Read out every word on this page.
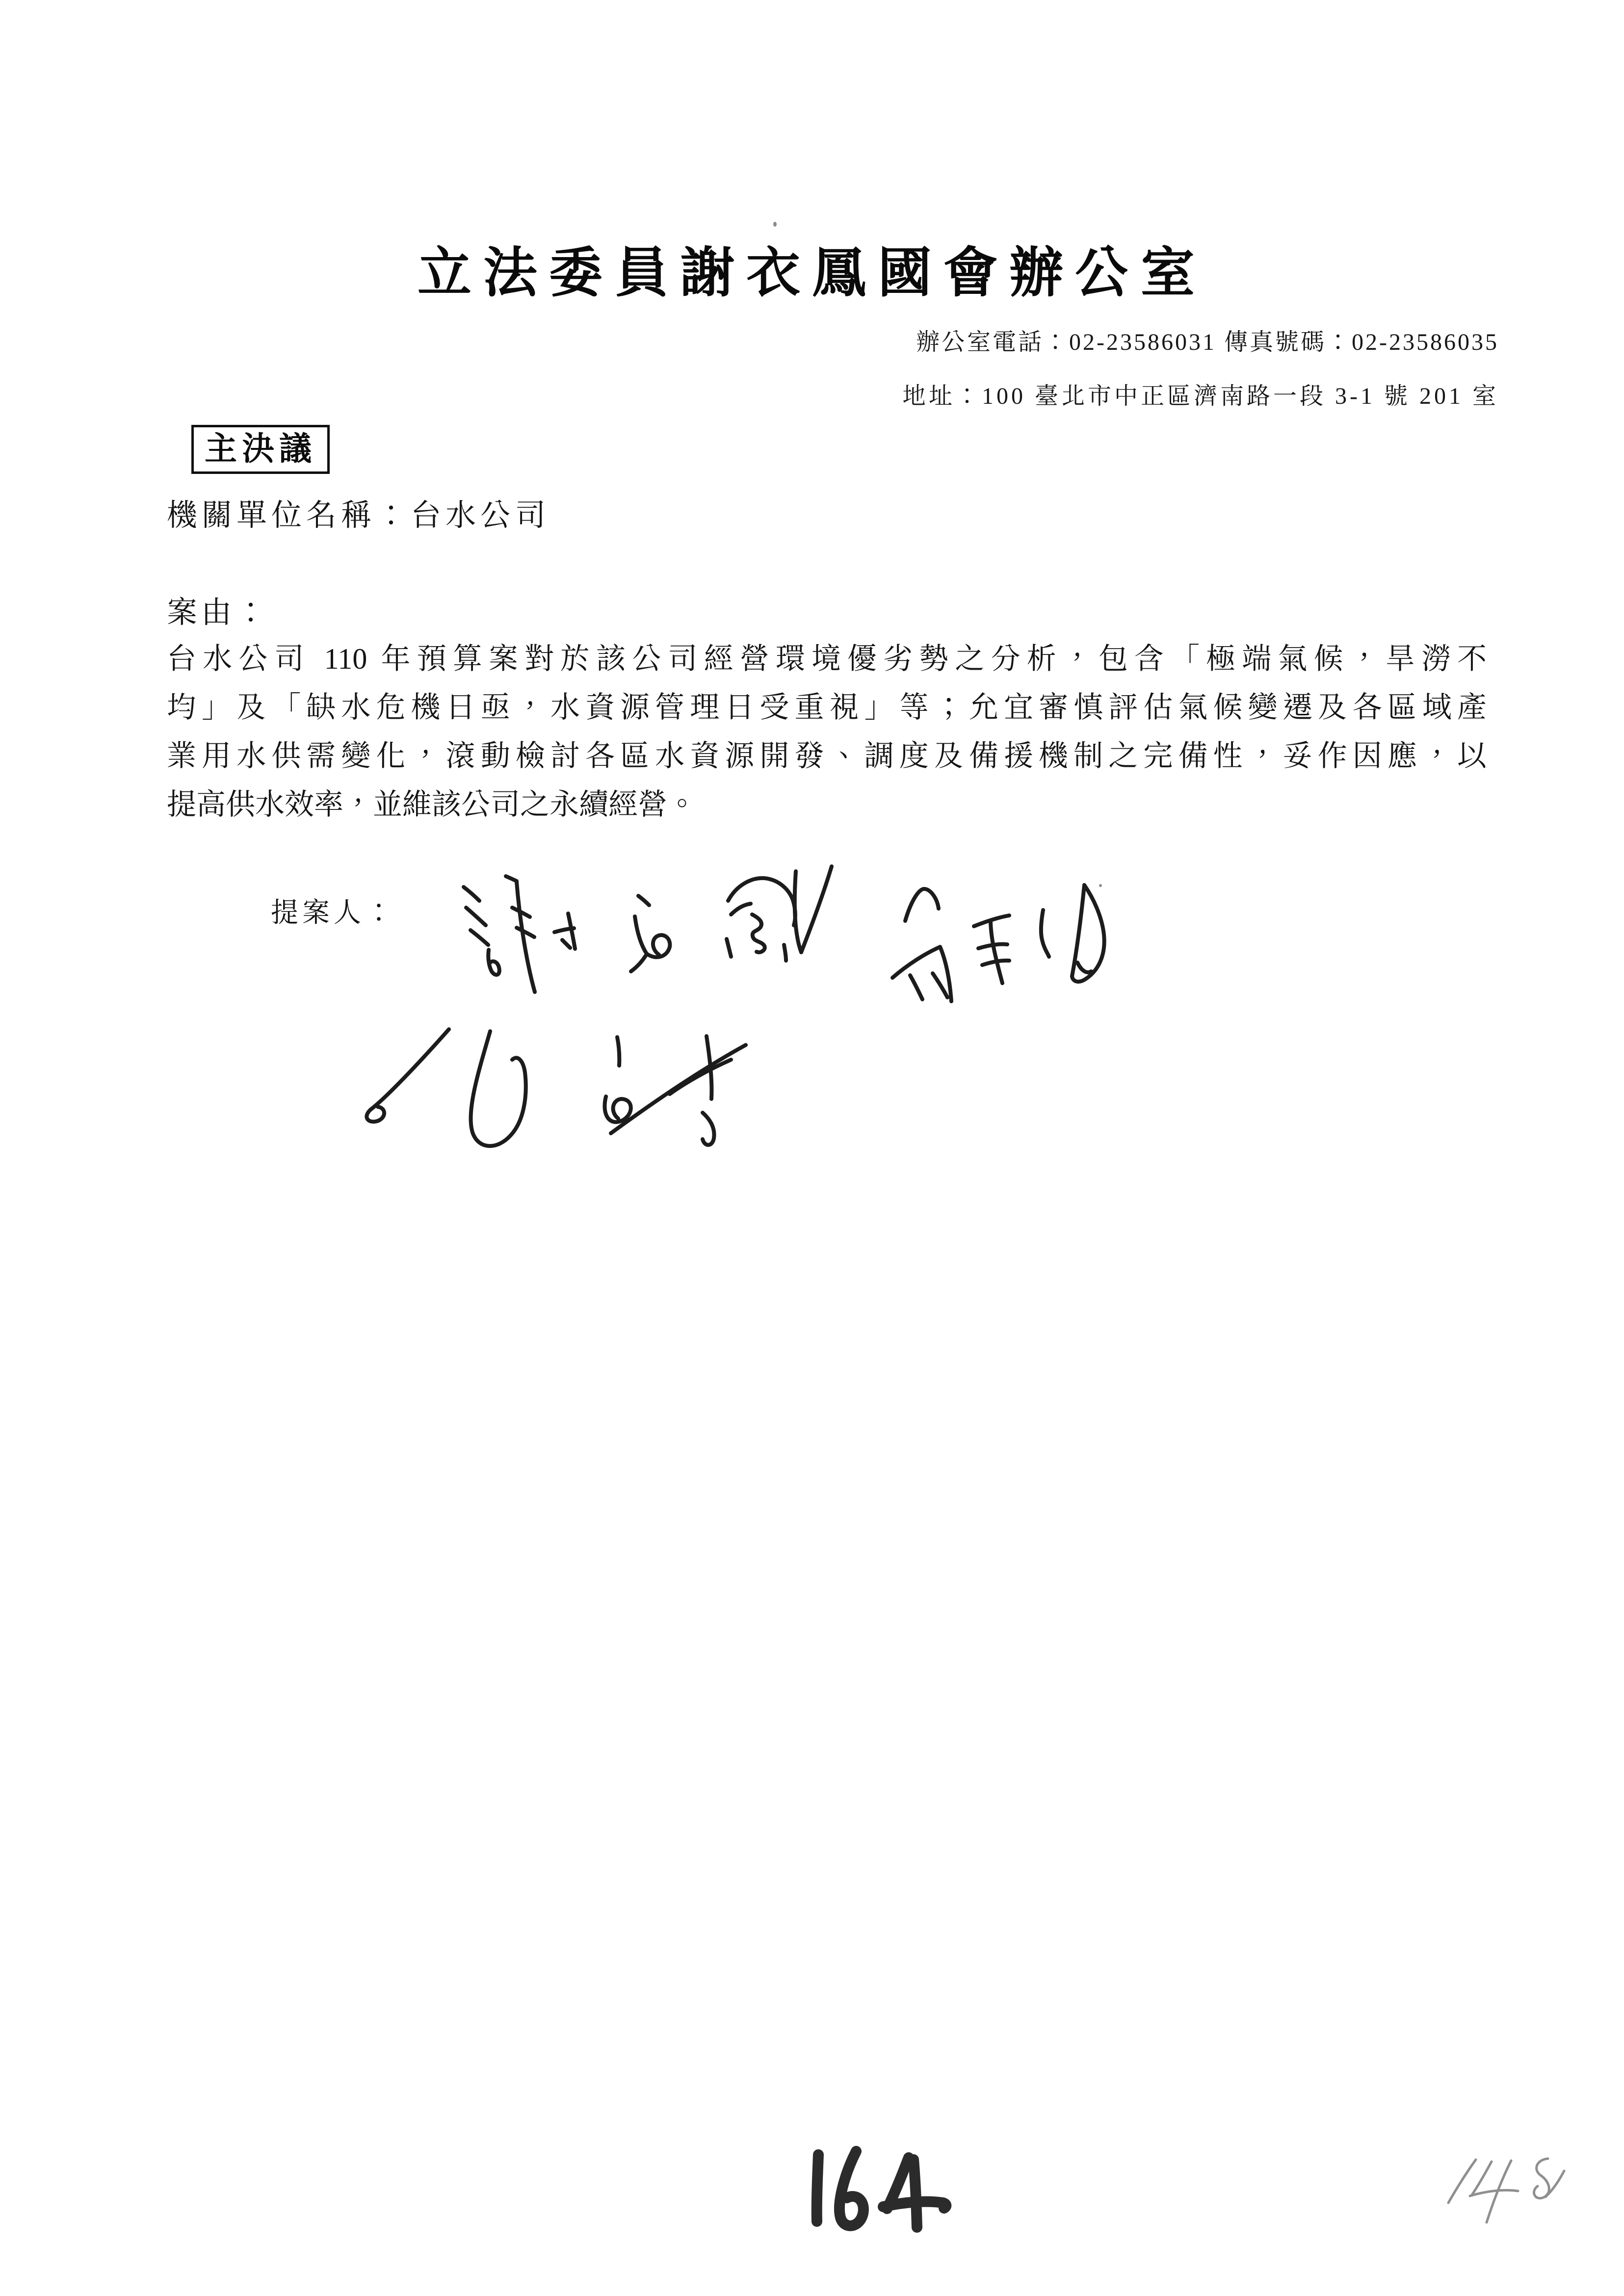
立法委員謝衣鳳國會辦公室
辦公室電話：02-23586031 傳真號碼：02-23586035
地址：100 臺北市中正區濟南路一段 3-1 號 201 室
主決議
機關單位名稱：台水公司
案由：
台水公司 110 年預算案對於該公司經營環境優劣勢之分析，包含「極端氣候，旱澇不
均」及「缺水危機日亟，水資源管理日受重視」等；允宜審慎評估氣候變遷及各區域產
業用水供需變化，滾動檢討各區水資源開發、調度及備援機制之完備性，妥作因應，以
提高供水效率，並維該公司之永續經營。
提案人：
